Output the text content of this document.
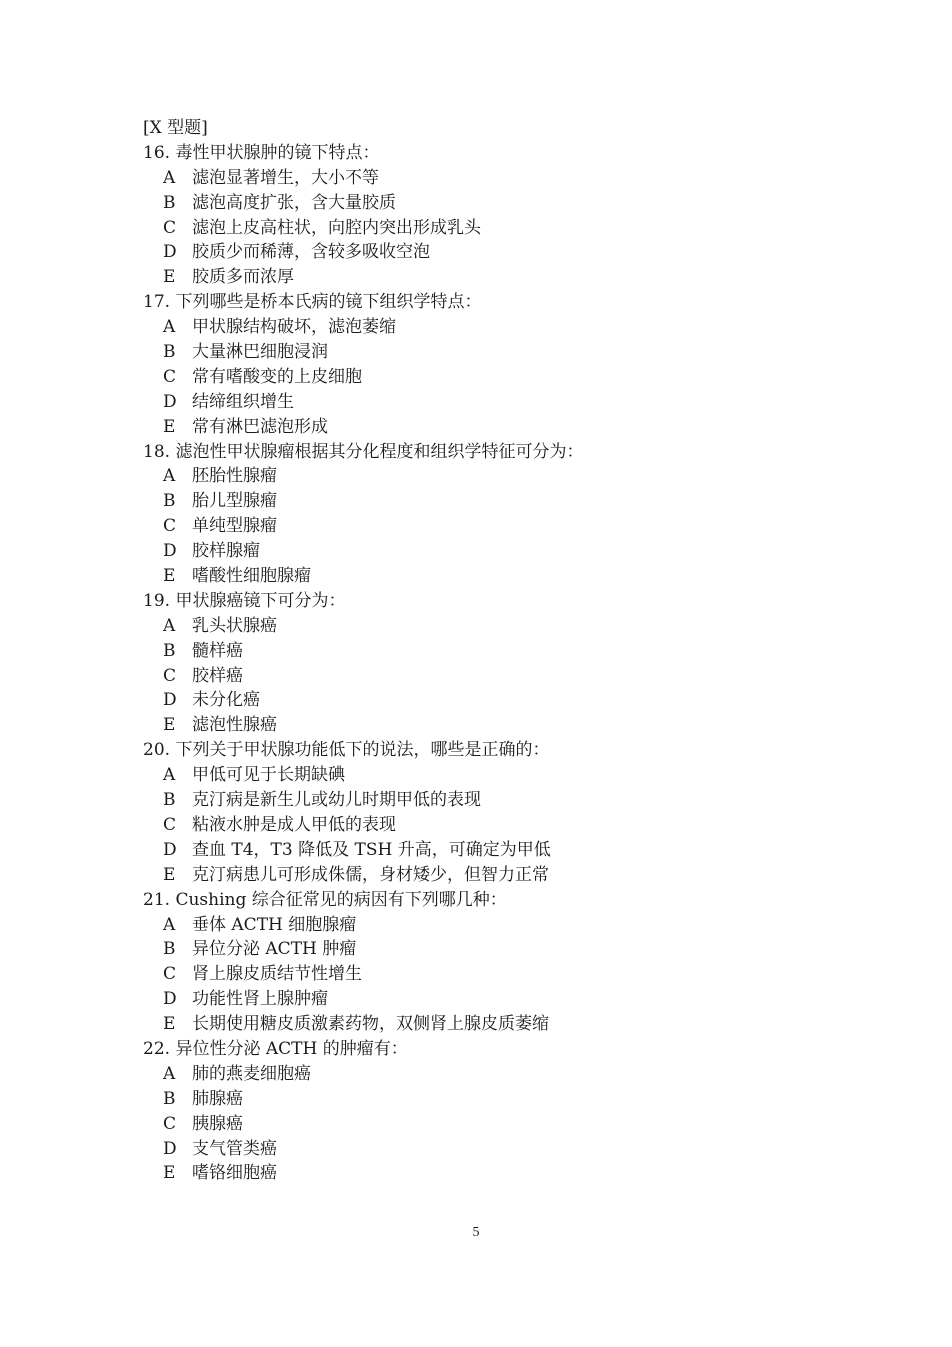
[X 型题]
16. 毒性甲状腺肿的镜下特点：
A 滤泡显著增生，大小不等
B 滤泡高度扩张，含大量胶质
C 滤泡上皮高柱状，向腔内突出形成乳头
D 胶质少而稀薄，含较多吸收空泡
E 胶质多而浓厚
17. 下列哪些是桥本氏病的镜下组织学特点：
A 甲状腺结构破坏，滤泡萎缩
B 大量淋巴细胞浸润
C 常有嗜酸变的上皮细胞
D 结缔组织增生
E 常有淋巴滤泡形成
18. 滤泡性甲状腺瘤根据其分化程度和组织学特征可分为：
A 胚胎性腺瘤
B 胎儿型腺瘤
C 单纯型腺瘤
D 胶样腺瘤
E 嗜酸性细胞腺瘤
19. 甲状腺癌镜下可分为：
A 乳头状腺癌
B 髓样癌
C 胶样癌
D 未分化癌
E 滤泡性腺癌
20. 下列关于甲状腺功能低下的说法，哪些是正确的：
A 甲低可见于长期缺碘
B 克汀病是新生儿或幼儿时期甲低的表现
C 粘液水肿是成人甲低的表现
D 查血 T4，T3 降低及 TSH 升高，可确定为甲低
E 克汀病患儿可形成侏儒，身材矮少，但智力正常
21. Cushing 综合征常见的病因有下列哪几种：
A 垂体 ACTH 细胞腺瘤
B 异位分泌 ACTH 肿瘤
C 肾上腺皮质结节性增生
D 功能性肾上腺肿瘤
E 长期使用糖皮质激素药物，双侧肾上腺皮质萎缩
22. 异位性分泌 ACTH 的肿瘤有：
A 肺的燕麦细胞癌
B 肺腺癌
C 胰腺癌
D 支气管类癌
E 嗜铬细胞癌
5
